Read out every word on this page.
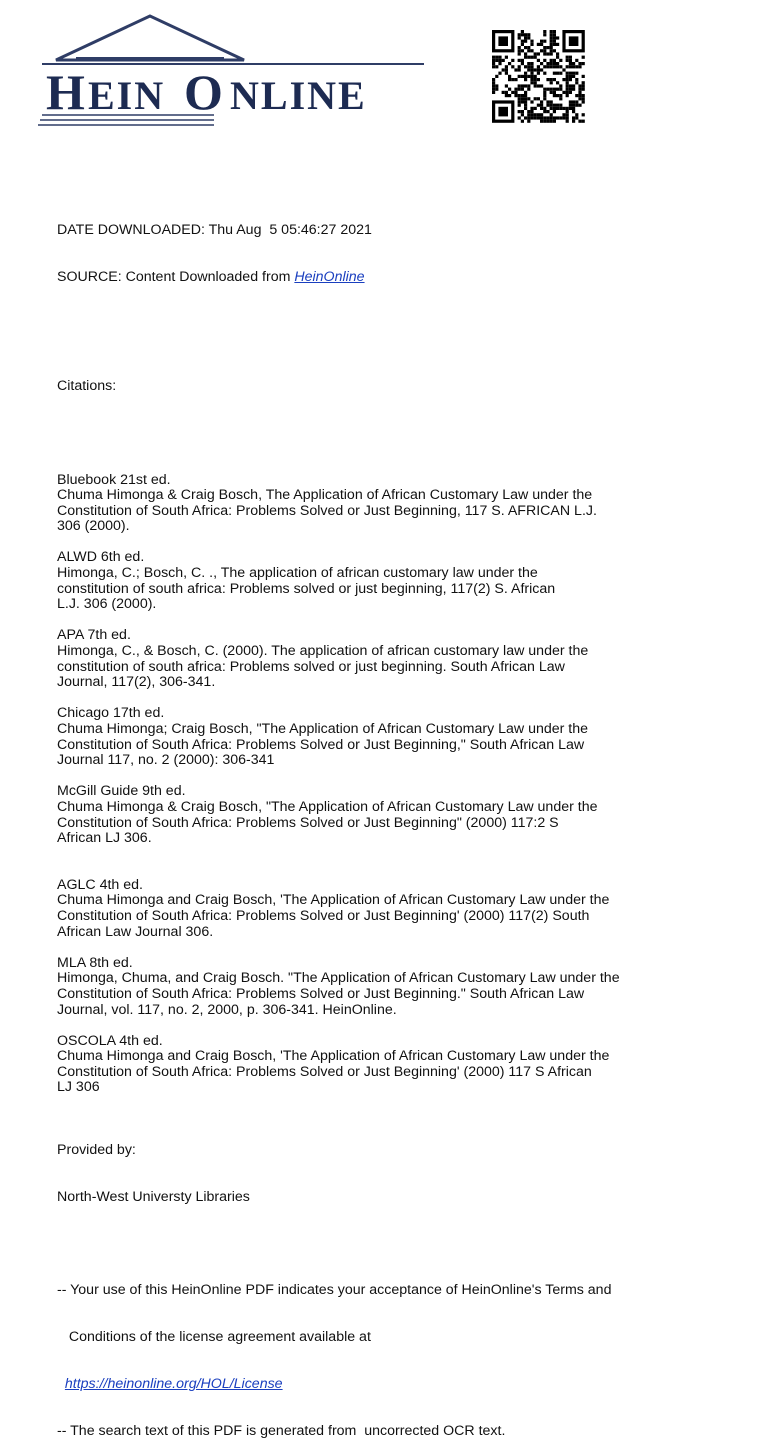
H EIN O NLINE

DATE DOWNLOADED: Thu Aug  5 05:46:27 2021

SOURCE: Content Downloaded from HeinOnline

Citations:

Bluebook 21st ed.
Chuma Himonga & Craig Bosch, The Application of African Customary Law under the
Constitution of South Africa: Problems Solved or Just Beginning, 117 S. AFRICAN L.J.
306 (2000).
ALWD 6th ed.
Himonga, C.; Bosch, C. ., The application of african customary law under the
constitution of south africa: Problems solved or just beginning, 117(2) S. African
L.J. 306 (2000).
APA 7th ed.
Himonga, C., & Bosch, C. (2000). The application of african customary law under the
constitution of south africa: Problems solved or just beginning. South African Law
Journal, 117(2), 306-341.
Chicago 17th ed.
Chuma Himonga; Craig Bosch, "The Application of African Customary Law under the
Constitution of South Africa: Problems Solved or Just Beginning," South African Law
Journal 117, no. 2 (2000): 306-341
McGill Guide 9th ed.
Chuma Himonga & Craig Bosch, "The Application of African Customary Law under the
Constitution of South Africa: Problems Solved or Just Beginning" (2000) 117:2 S
African LJ 306.
AGLC 4th ed.
Chuma Himonga and Craig Bosch, 'The Application of African Customary Law under the
Constitution of South Africa: Problems Solved or Just Beginning' (2000) 117(2) South
African Law Journal 306.
MLA 8th ed.
Himonga, Chuma, and Craig Bosch. "The Application of African Customary Law under the
Constitution of South Africa: Problems Solved or Just Beginning." South African Law
Journal, vol. 117, no. 2, 2000, p. 306-341. HeinOnline.
OSCOLA 4th ed.
Chuma Himonga and Craig Bosch, 'The Application of African Customary Law under the
Constitution of South Africa: Problems Solved or Just Beginning' (2000) 117 S African
LJ 306

Provided by:

North-West Universty Libraries

-- Your use of this HeinOnline PDF indicates your acceptance of HeinOnline's Terms and

Conditions of the license agreement available at

https://heinonline.org/HOL/License

-- The search text of this PDF is generated from  uncorrected OCR text.
